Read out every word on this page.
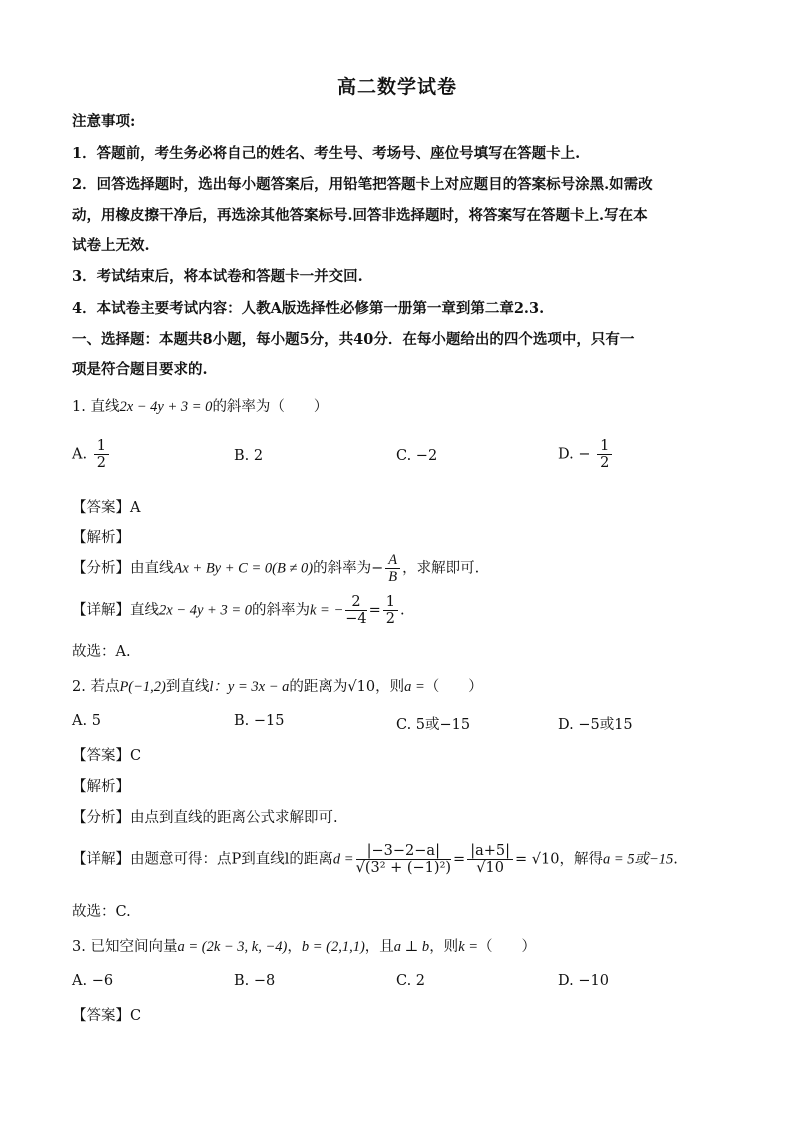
高二数学试卷
注意事项:
1．答题前，考生务必将自己的姓名、考生号、考场号、座位号填写在答题卡上.
2．回答选择题时，选出每小题答案后，用铅笔把答题卡上对应题目的答案标号涂黑.如需改
动，用橡皮擦干净后，再选涂其他答案标号.回答非选择题时，将答案写在答题卡上.写在本
试卷上无效.
3．考试结束后，将本试卷和答题卡一并交回.
4．本试卷主要考试内容：人教A版选择性必修第一册第一章到第二章2.3.
一、选择题：本题共8小题，每小题5分，共40分．在每小题给出的四个选项中，只有一
项是符合题目要求的.
1. 直线2x − 4y + 3 = 0的斜率为（　　）
A. $\frac{1}{2}$	B. 2	C. −2	D. − $\frac{1}{2}$
【答案】A
【解析】
【分析】由直线Ax + By + C = 0(B ≠ 0)的斜率为− $\frac{A}{B}$ ，求解即可.
【详解】直线2x − 4y + 3 = 0的斜率为k = − $\frac{2}{-4} = \frac{1}{2}$ .
故选：A.
2. 若点P(−1,2)到直线l：y = 3x − a的距离为√10，则a =（　　）
A. 5	B. −15	C. 5或−15	D. −5或15
【答案】C
【解析】
【分析】由点到直线的距离公式求解即可.
【详解】由题意可得：点P到直线l的距离$d = \frac{|-3-2-a|}{\text{√(3² + (−1)²)}} = \frac{|a+5|}{√10} = √10$，解得a = 5或−15.
故选：C.
3. 已知空间向量a = (2k − 3, k, −4)，b = (2,1,1)，且a ⊥ b，则k =（　　）
A. −6	B. −8	C. 2	D. −10
【答案】C
